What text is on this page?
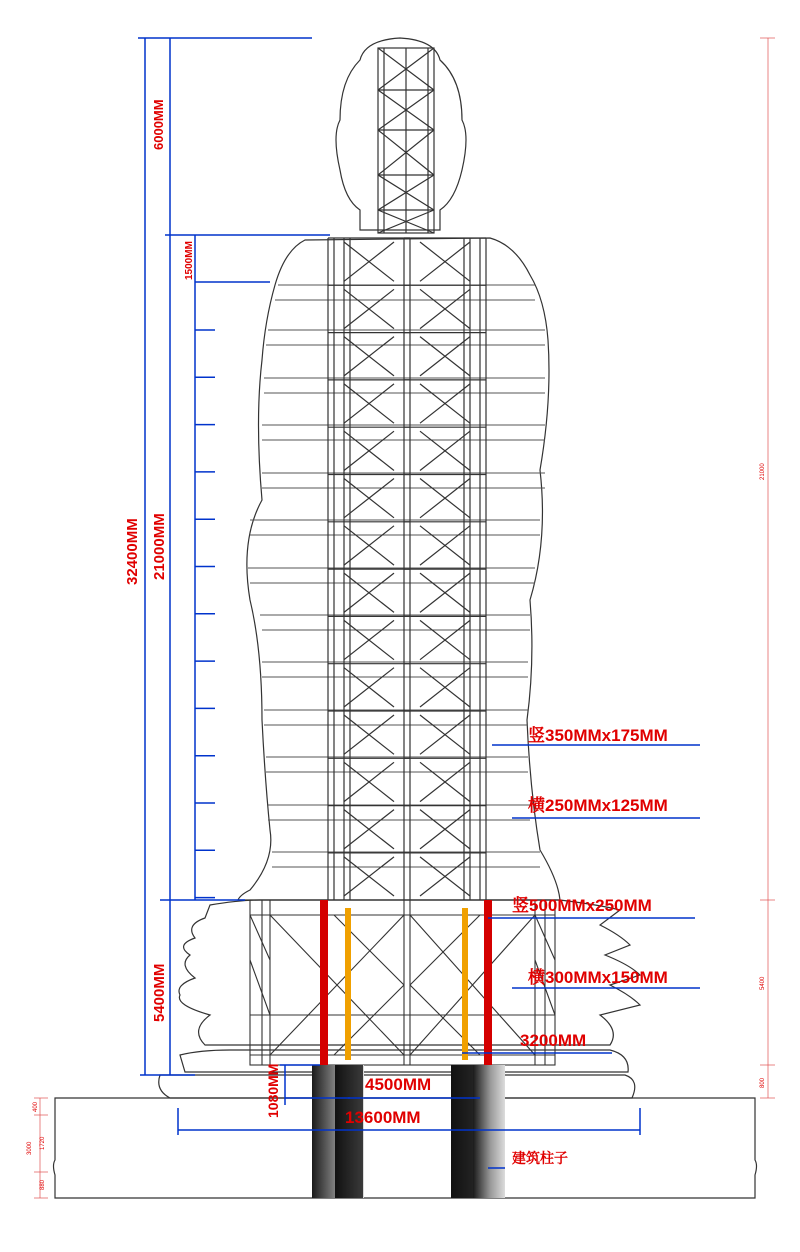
6000MM
32400MM 21000MM
1500MM
5400MM
1080MM	4500MM
13600MM
3200MM
竖350MMx175MM
横250MMx125MM
竖500MMx250MM
横300MMx150MM
建筑柱子
21000
5400
800
400
1720
3000
880
